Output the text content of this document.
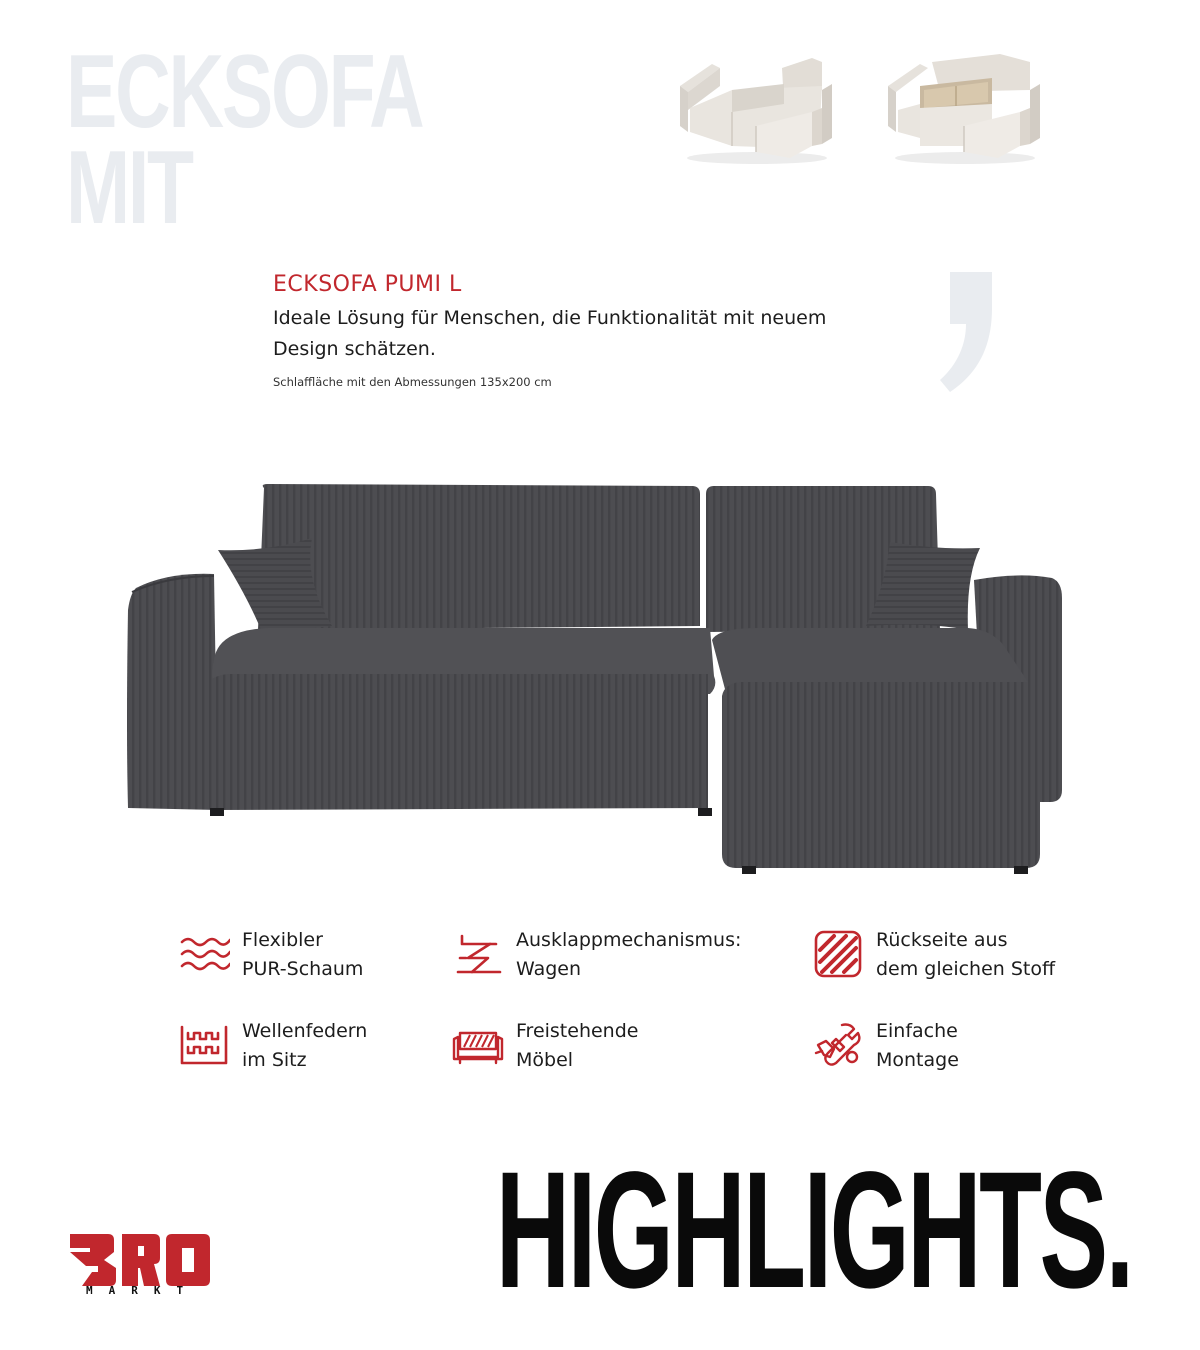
ECKSOFA
MIT
ECKSOFA PUMI L

Ideale Lösung für Menschen, die Funktionalität mit neuem
Design schätzen.

Schlaffläche mit den Abmessungen 135x200 cm
Flexibler
PUR-Schaum
Ausklappmechanismus:
Wagen
Rückseite aus
dem gleichen Stoff
Wellenfedern
im Sitz
Freistehende
Möbel
Einfache
Montage
MARKT HIGHLIGHTS.
